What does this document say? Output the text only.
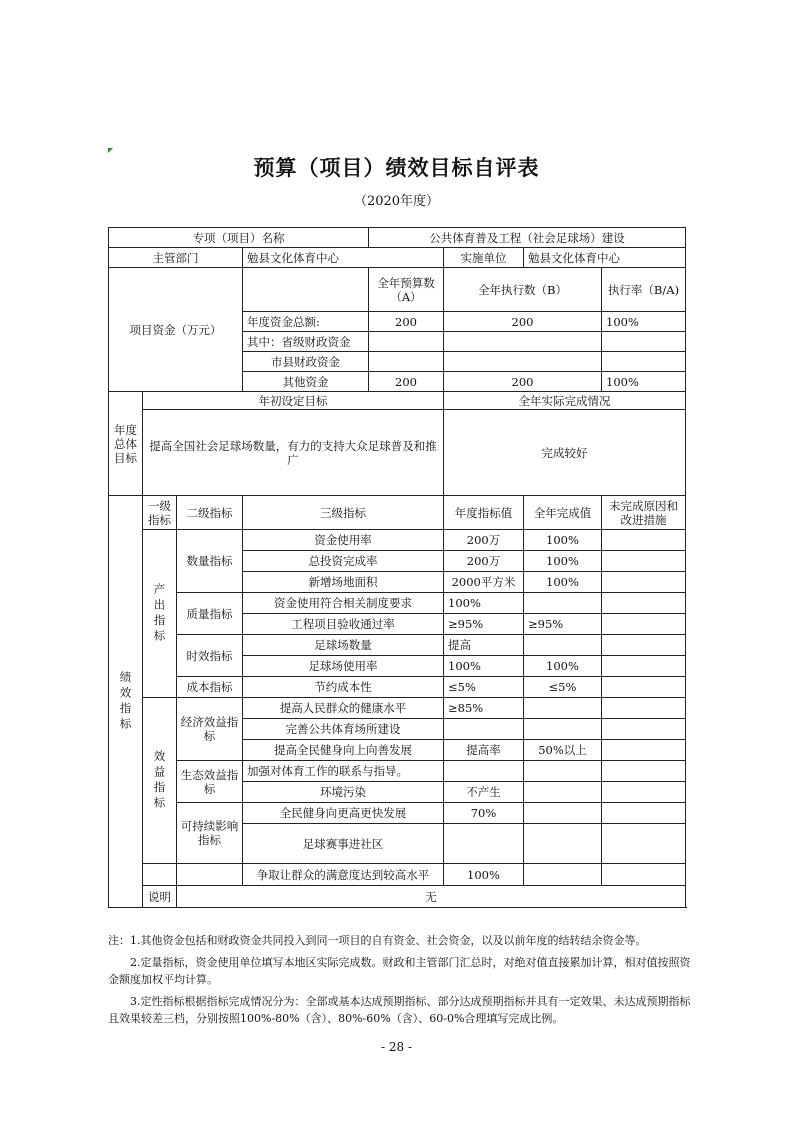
预算（项目）绩效目标自评表
（2020年度）
专项（项目）名称				公共体育普及工程（社会足球场）建设			
主管部门			勉县文化体育中心		实施单位	勉县文化体育中心	
项目资金（万元）				全年预算数（A）	全年执行数（B）		执行率（B/A)
			年度资金总额:	200	200		100%
			其中：省级财政资金				
			市县财政资金				
			其他资金	200	200		100%
年度总体目标	年初设定目标				全年实际完成情况		
	提高全国社会足球场数量，有力的支持大众足球普及和推广				完成较好		
绩效指标	一级指标	二级指标	三级指标		年度指标值	全年完成值	未完成原因和改进措施
	产出指标	数量指标	资金使用率		200万	100%	
			总投资完成率		200万	100%	
			新增场地面积		2000平方米	100%	
		质量指标	资金使用符合相关制度要求		100%		
			工程项目验收通过率		≥95%	≥95%	
		时效指标	足球场数量		提高		
			足球场使用率		100%	100%	
		成本指标	节约成本性		≤5%	≤5%	
	效益指标	经济效益指标	提高人民群众的健康水平		≥85%		
			完善公共体育场所建设				
			提高全民健身向上向善发展		提高率	50%以上	
		生态效益指标	加强对体育工作的联系与指导。				
			环境污染		不产生		
		可持续影响指标	全民健身向更高更快发展		70%		
			足球赛事进社区				
			争取让群众的满意度达到较高水平		100%		
	说明	无					

注：1.其他资金包括和财政资金共同投入到同一项目的自有资金、社会资金，以及以前年度的结转结余资金等。

2.定量指标，资金使用单位填写本地区实际完成数。财政和主管部门汇总时，对绝对值直接累加计算，相对值按照资金额度加权平均计算。

3.定性指标根据指标完成情况分为：全部或基本达成预期指标、部分达成预期指标并具有一定效果、未达成预期指标且效果较差三档，分别按照100%-80%（含）、80%-60%（含）、60-0%合理填写完成比例。

- 28 -
